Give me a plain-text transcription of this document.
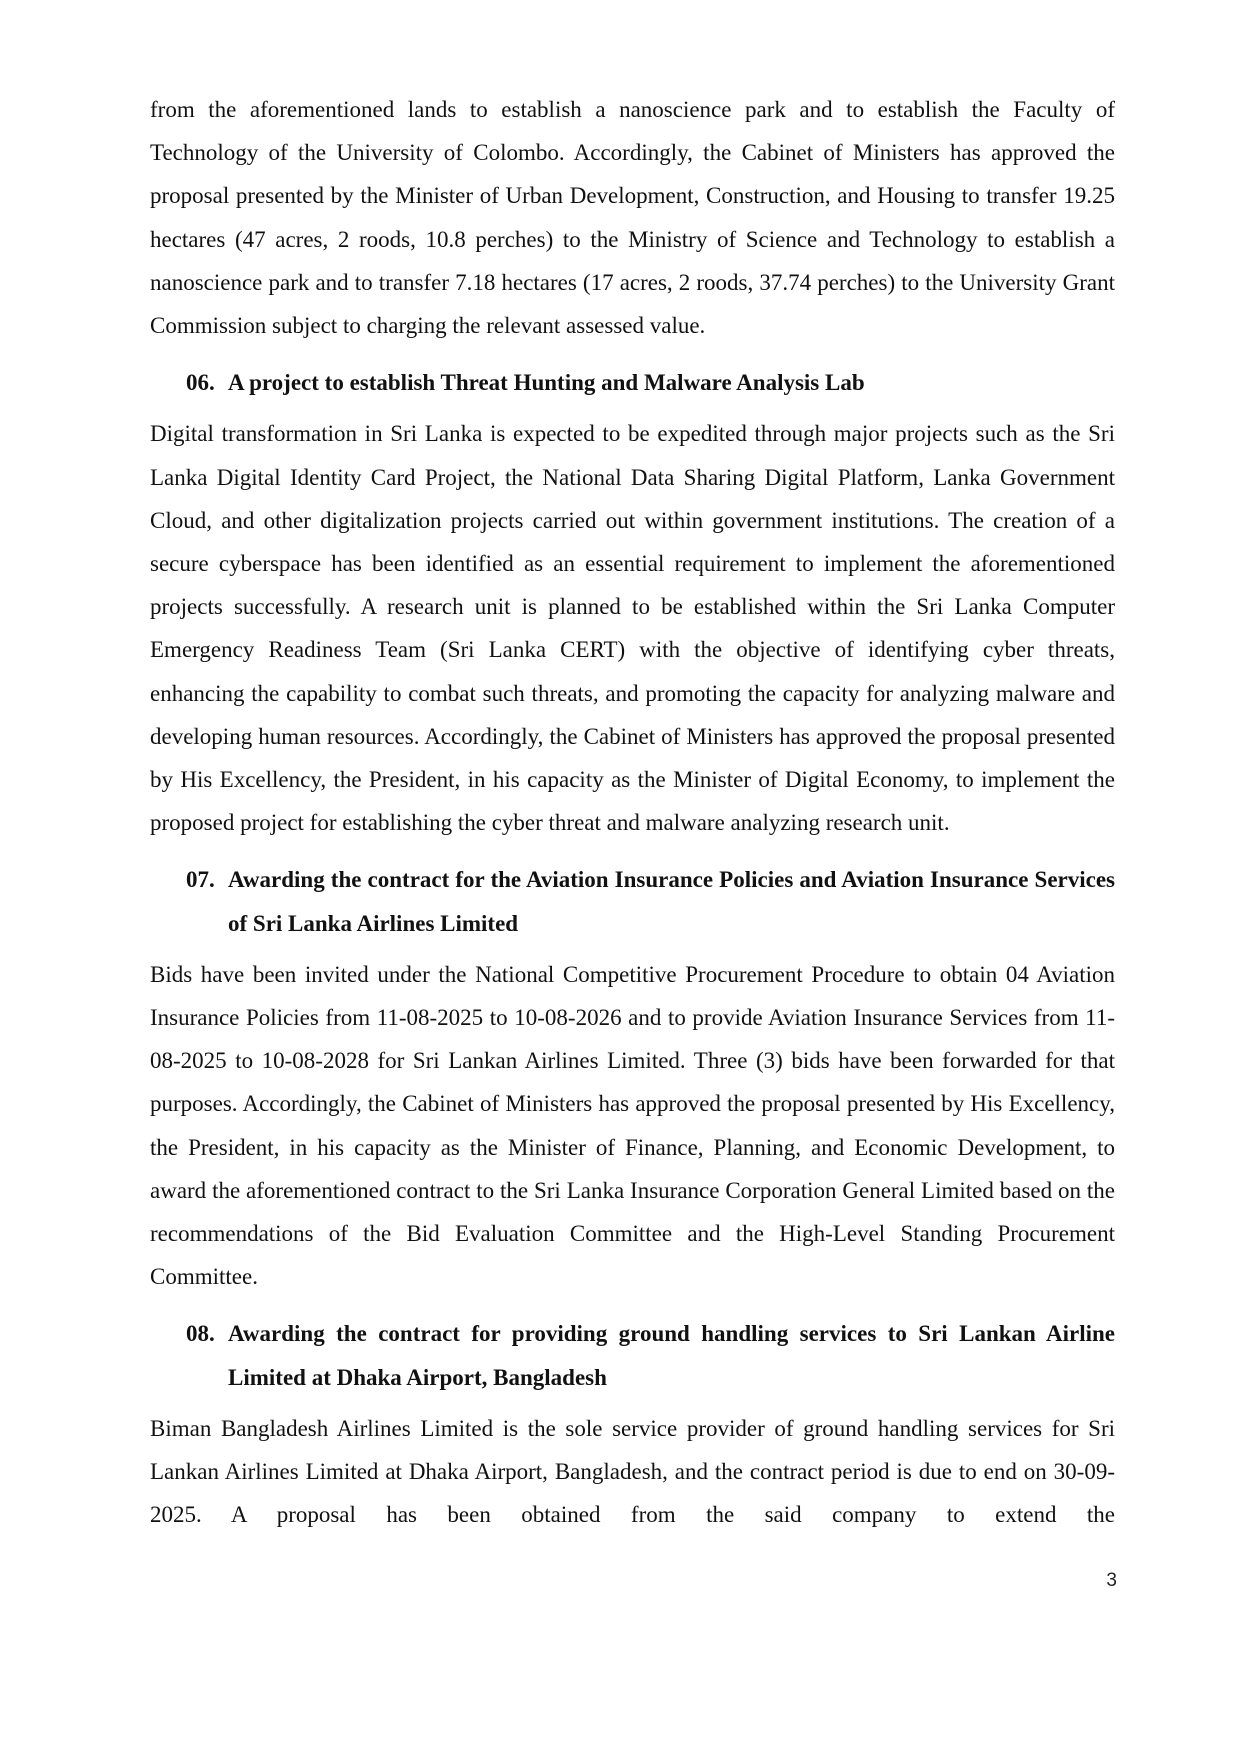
from the aforementioned lands to establish a nanoscience park and to establish the Faculty of Technology of the University of Colombo. Accordingly, the Cabinet of Ministers has approved the proposal presented by the Minister of Urban Development, Construction, and Housing to transfer 19.25 hectares (47 acres, 2 roods, 10.8 perches) to the Ministry of Science and Technology to establish a nanoscience park and to transfer 7.18 hectares (17 acres, 2 roods, 37.74 perches) to the University Grant Commission subject to charging the relevant assessed value.

06. A project to establish Threat Hunting and Malware Analysis Lab

Digital transformation in Sri Lanka is expected to be expedited through major projects such as the Sri Lanka Digital Identity Card Project, the National Data Sharing Digital Platform, Lanka Government Cloud, and other digitalization projects carried out within government institutions. The creation of a secure cyberspace has been identified as an essential requirement to implement the aforementioned projects successfully. A research unit is planned to be established within the Sri Lanka Computer Emergency Readiness Team (Sri Lanka CERT) with the objective of identifying cyber threats, enhancing the capability to combat such threats, and promoting the capacity for analyzing malware and developing human resources. Accordingly, the Cabinet of Ministers has approved the proposal presented by His Excellency, the President, in his capacity as the Minister of Digital Economy, to implement the proposed project for establishing the cyber threat and malware analyzing research unit.

07. Awarding the contract for the Aviation Insurance Policies and Aviation Insurance Services of Sri Lanka Airlines Limited

Bids have been invited under the National Competitive Procurement Procedure to obtain 04 Aviation Insurance Policies from 11-08-2025 to 10-08-2026 and to provide Aviation Insurance Services from 11-08-2025 to 10-08-2028 for Sri Lankan Airlines Limited. Three (3) bids have been forwarded for that purposes. Accordingly, the Cabinet of Ministers has approved the proposal presented by His Excellency, the President, in his capacity as the Minister of Finance, Planning, and Economic Development, to award the aforementioned contract to the Sri Lanka Insurance Corporation General Limited based on the recommendations of the Bid Evaluation Committee and the High-Level Standing Procurement Committee.

08. Awarding the contract for providing ground handling services to Sri Lankan Airline Limited at Dhaka Airport, Bangladesh

Biman Bangladesh Airlines Limited is the sole service provider of ground handling services for Sri Lankan Airlines Limited at Dhaka Airport, Bangladesh, and the contract period is due to end on 30-09-2025. A proposal has been obtained from the said company to extend the

3
